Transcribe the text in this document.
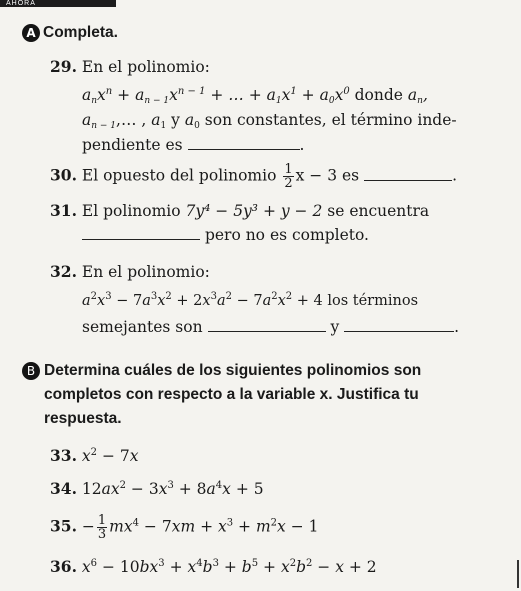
AHORA
A Completa.
29. En el polinomio:
$a_nx^n + a_{n - 1}x^{n - 1}$ + … + $a_1x^1 + a_0x^0$ donde $a_n$,
$a_{n - 1},\dots$ , $a_1$ y $a_0$ son constantes, el término inde-
pendiente es	.
30. El opuesto del polinomio $\frac{1}{2}$ x − 3 es	.
31. El polinomio 7y⁴ − 5y³ + y − 2 se encuentra
pero no es completo.
32. En el polinomio:
$a^2x^3 - 7a^3x^2 + 2x^3a^2 - 7a^2x^2 + 4$ los términos
semejantes son	y	.
B Determina cuáles de los siguientes polinomios son
completos con respecto a la variable x. Justifica tu
respuesta.
33. $x^2 - 7x$
34. $12ax^2 - 3x^3 + 8a^4x + 5$
35. − $\frac{1}{3} mx^4 - 7xm + x^3 + m^2x - 1$
36. $x^6 - 10bx^3 + x^4b^3 + b^5 + x^2b^2 - x + 2$
